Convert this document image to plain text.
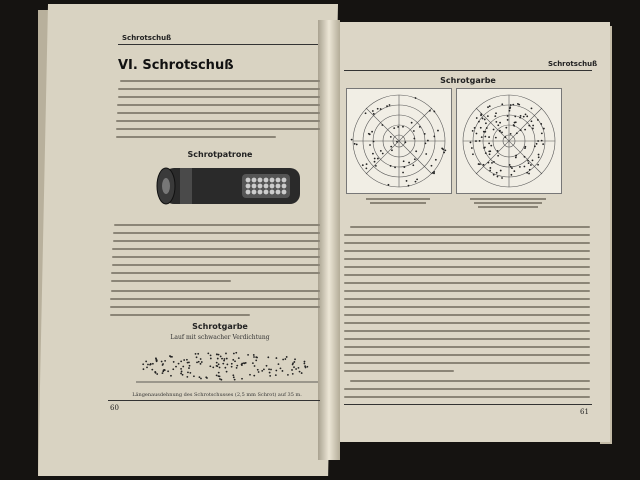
Schrotschuß
VI. Schrotschuß
Schrotpatrone
Schrotgarbe
Lauf mit schwacher Verdichtung
Längenausdehnung des Schrotschusses (2,5 mm Schrot) auf 35 m.
60
Schrotschuß
Schrotgarbe
61
